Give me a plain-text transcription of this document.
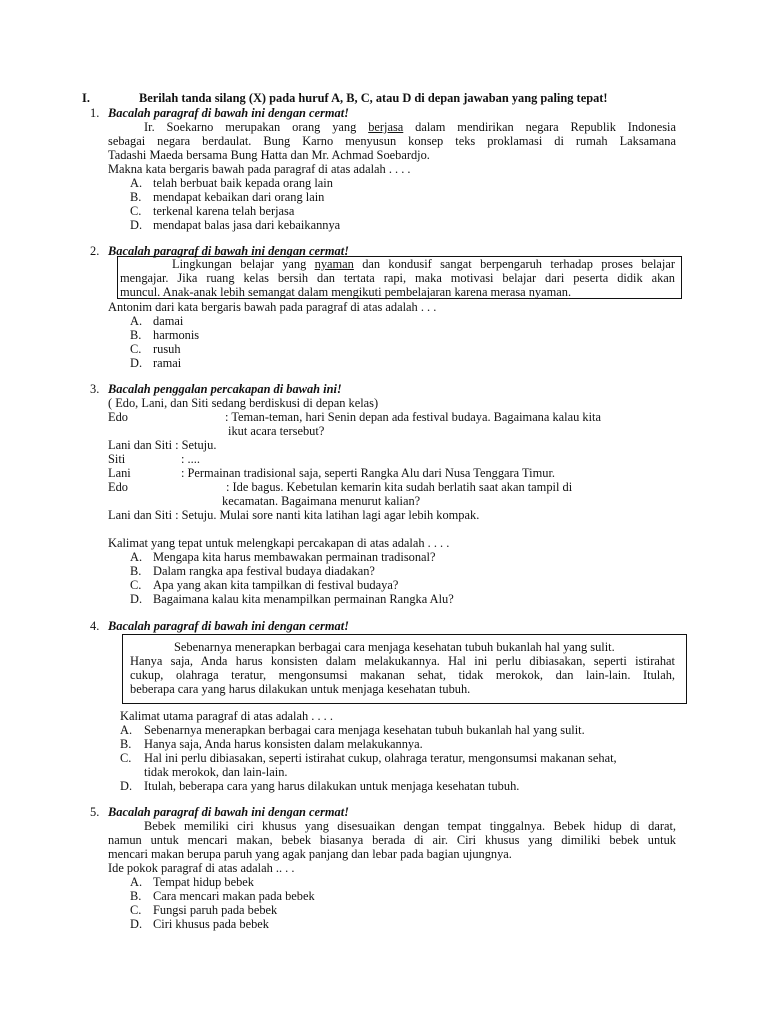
I.	Berilah tanda silang (X) pada huruf A, B, C, atau D di depan jawaban yang paling tepat!
1. Bacalah paragraf di bawah ini dengan cermat!
Ir. Soekarno merupakan orang yang berjasa dalam mendirikan negara Republik Indonesia
sebagai negara berdaulat. Bung Karno menyusun konsep teks proklamasi di rumah Laksamana
Tadashi Maeda bersama Bung Hatta dan Mr. Achmad Soebardjo.
Makna kata bergaris bawah pada paragraf di atas adalah . . . .
A. telah berbuat baik kepada orang lain
B. mendapat kebaikan dari orang lain
C. terkenal karena telah berjasa
D. mendapat balas jasa dari kebaikannya
2. Bacalah paragraf di bawah ini dengan cermat!
Lingkungan belajar yang nyaman dan kondusif sangat berpengaruh terhadap proses belajar
mengajar. Jika ruang kelas bersih dan tertata rapi, maka motivasi belajar dari peserta didik akan
muncul. Anak-anak lebih semangat dalam mengikuti pembelajaran karena merasa nyaman.
Antonim dari kata bergaris bawah pada paragraf di atas adalah . . .
A. damai
B. harmonis
C. rusuh
D. ramai
3. Bacalah penggalan percakapan di bawah ini!
( Edo, Lani, dan Siti sedang berdiskusi di depan kelas)
Edo	: Teman-teman, hari Senin depan ada festival budaya. Bagaimana kalau kita
ikut acara tersebut?
Lani dan Siti : Setuju.
Siti	: ....
Lani	: Permainan tradisional saja, seperti Rangka Alu dari Nusa Tenggara Timur.
Edo	: Ide bagus. Kebetulan kemarin kita sudah berlatih saat akan tampil di
kecamatan. Bagaimana menurut kalian?
Lani dan Siti : Setuju. Mulai sore nanti kita latihan lagi agar lebih kompak.
Kalimat yang tepat untuk melengkapi percakapan di atas adalah . . . .
A. Mengapa kita harus membawakan permainan tradisonal?
B. Dalam rangka apa festival budaya diadakan?
C. Apa yang akan kita tampilkan di festival budaya?
D. Bagaimana kalau kita menampilkan permainan Rangka Alu?
4. Bacalah paragraf di bawah ini dengan cermat!
Sebenarnya menerapkan berbagai cara menjaga kesehatan tubuh bukanlah hal yang sulit.
Hanya saja, Anda harus konsisten dalam melakukannya. Hal ini perlu dibiasakan, seperti istirahat
cukup, olahraga teratur, mengonsumsi makanan sehat, tidak merokok, dan lain-lain. Itulah,
beberapa cara yang harus dilakukan untuk menjaga kesehatan tubuh.
Kalimat utama paragraf di atas adalah . . . .
A. Sebenarnya menerapkan berbagai cara menjaga kesehatan tubuh bukanlah hal yang sulit.
B. Hanya saja, Anda harus konsisten dalam melakukannya.
C. Hal ini perlu dibiasakan, seperti istirahat cukup, olahraga teratur, mengonsumsi makanan sehat,
tidak merokok, dan lain-lain.
D. Itulah, beberapa cara yang harus dilakukan untuk menjaga kesehatan tubuh.
5. Bacalah paragraf di bawah ini dengan cermat!
Bebek memiliki ciri khusus yang disesuaikan dengan tempat tinggalnya. Bebek hidup di darat,
namun untuk mencari makan, bebek biasanya berada di air. Ciri khusus yang dimiliki bebek untuk
mencari makan berupa paruh yang agak panjang dan lebar pada bagian ujungnya.
Ide pokok paragraf di atas adalah .. . .
A. Tempat hidup bebek
B. Cara mencari makan pada bebek
C. Fungsi paruh pada bebek
D. Ciri khusus pada bebek
